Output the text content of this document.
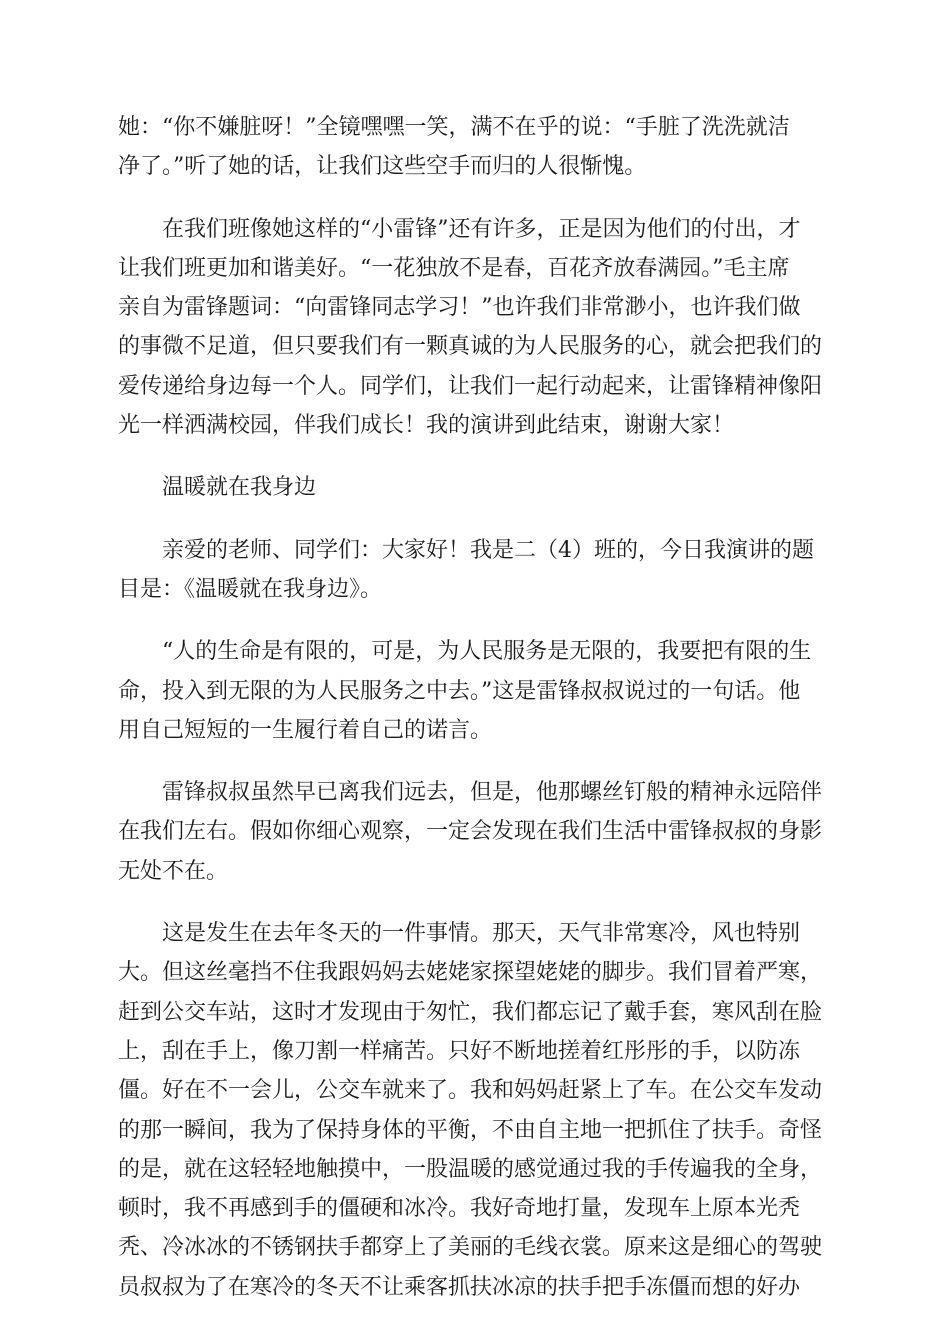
她：“你不嫌脏呀！”全镜嘿嘿一笑，满不在乎的说：“手脏了洗洗就洁
净了。”听了她的话，让我们这些空手而归的人很惭愧。
在我们班像她这样的“小雷锋”还有许多，正是因为他们的付出，才
让我们班更加和谐美好。“一花独放不是春，百花齐放春满园。”毛主席
亲自为雷锋题词：“向雷锋同志学习！”也许我们非常渺小，也许我们做
的事微不足道，但只要我们有一颗真诚的为人民服务的心，就会把我们的
爱传递给身边每一个人。同学们，让我们一起行动起来，让雷锋精神像阳
光一样洒满校园，伴我们成长！我的演讲到此结束，谢谢大家！
温暖就在我身边
亲爱的老师、同学们：大家好！我是二（4）班的，今日我演讲的题
目是：《温暖就在我身边》。
“人的生命是有限的，可是，为人民服务是无限的，我要把有限的生
命，投入到无限的为人民服务之中去。”这是雷锋叔叔说过的一句话。他
用自己短短的一生履行着自己的诺言。
雷锋叔叔虽然早已离我们远去，但是，他那螺丝钉般的精神永远陪伴
在我们左右。假如你细心观察，一定会发现在我们生活中雷锋叔叔的身影
无处不在。
这是发生在去年冬天的一件事情。那天，天气非常寒冷，风也特别
大。但这丝毫挡不住我跟妈妈去姥姥家探望姥姥的脚步。我们冒着严寒，
赶到公交车站，这时才发现由于匆忙，我们都忘记了戴手套，寒风刮在脸
上，刮在手上，像刀割一样痛苦。只好不断地搓着红彤彤的手，以防冻
僵。好在不一会儿，公交车就来了。我和妈妈赶紧上了车。在公交车发动
的那一瞬间，我为了保持身体的平衡，不由自主地一把抓住了扶手。奇怪
的是，就在这轻轻地触摸中，一股温暖的感觉通过我的手传遍我的全身，
顿时，我不再感到手的僵硬和冰冷。我好奇地打量，发现车上原本光秃
秃、冷冰冰的不锈钢扶手都穿上了美丽的毛线衣裳。原来这是细心的驾驶
员叔叔为了在寒冷的冬天不让乘客抓扶冰凉的扶手把手冻僵而想的好办
